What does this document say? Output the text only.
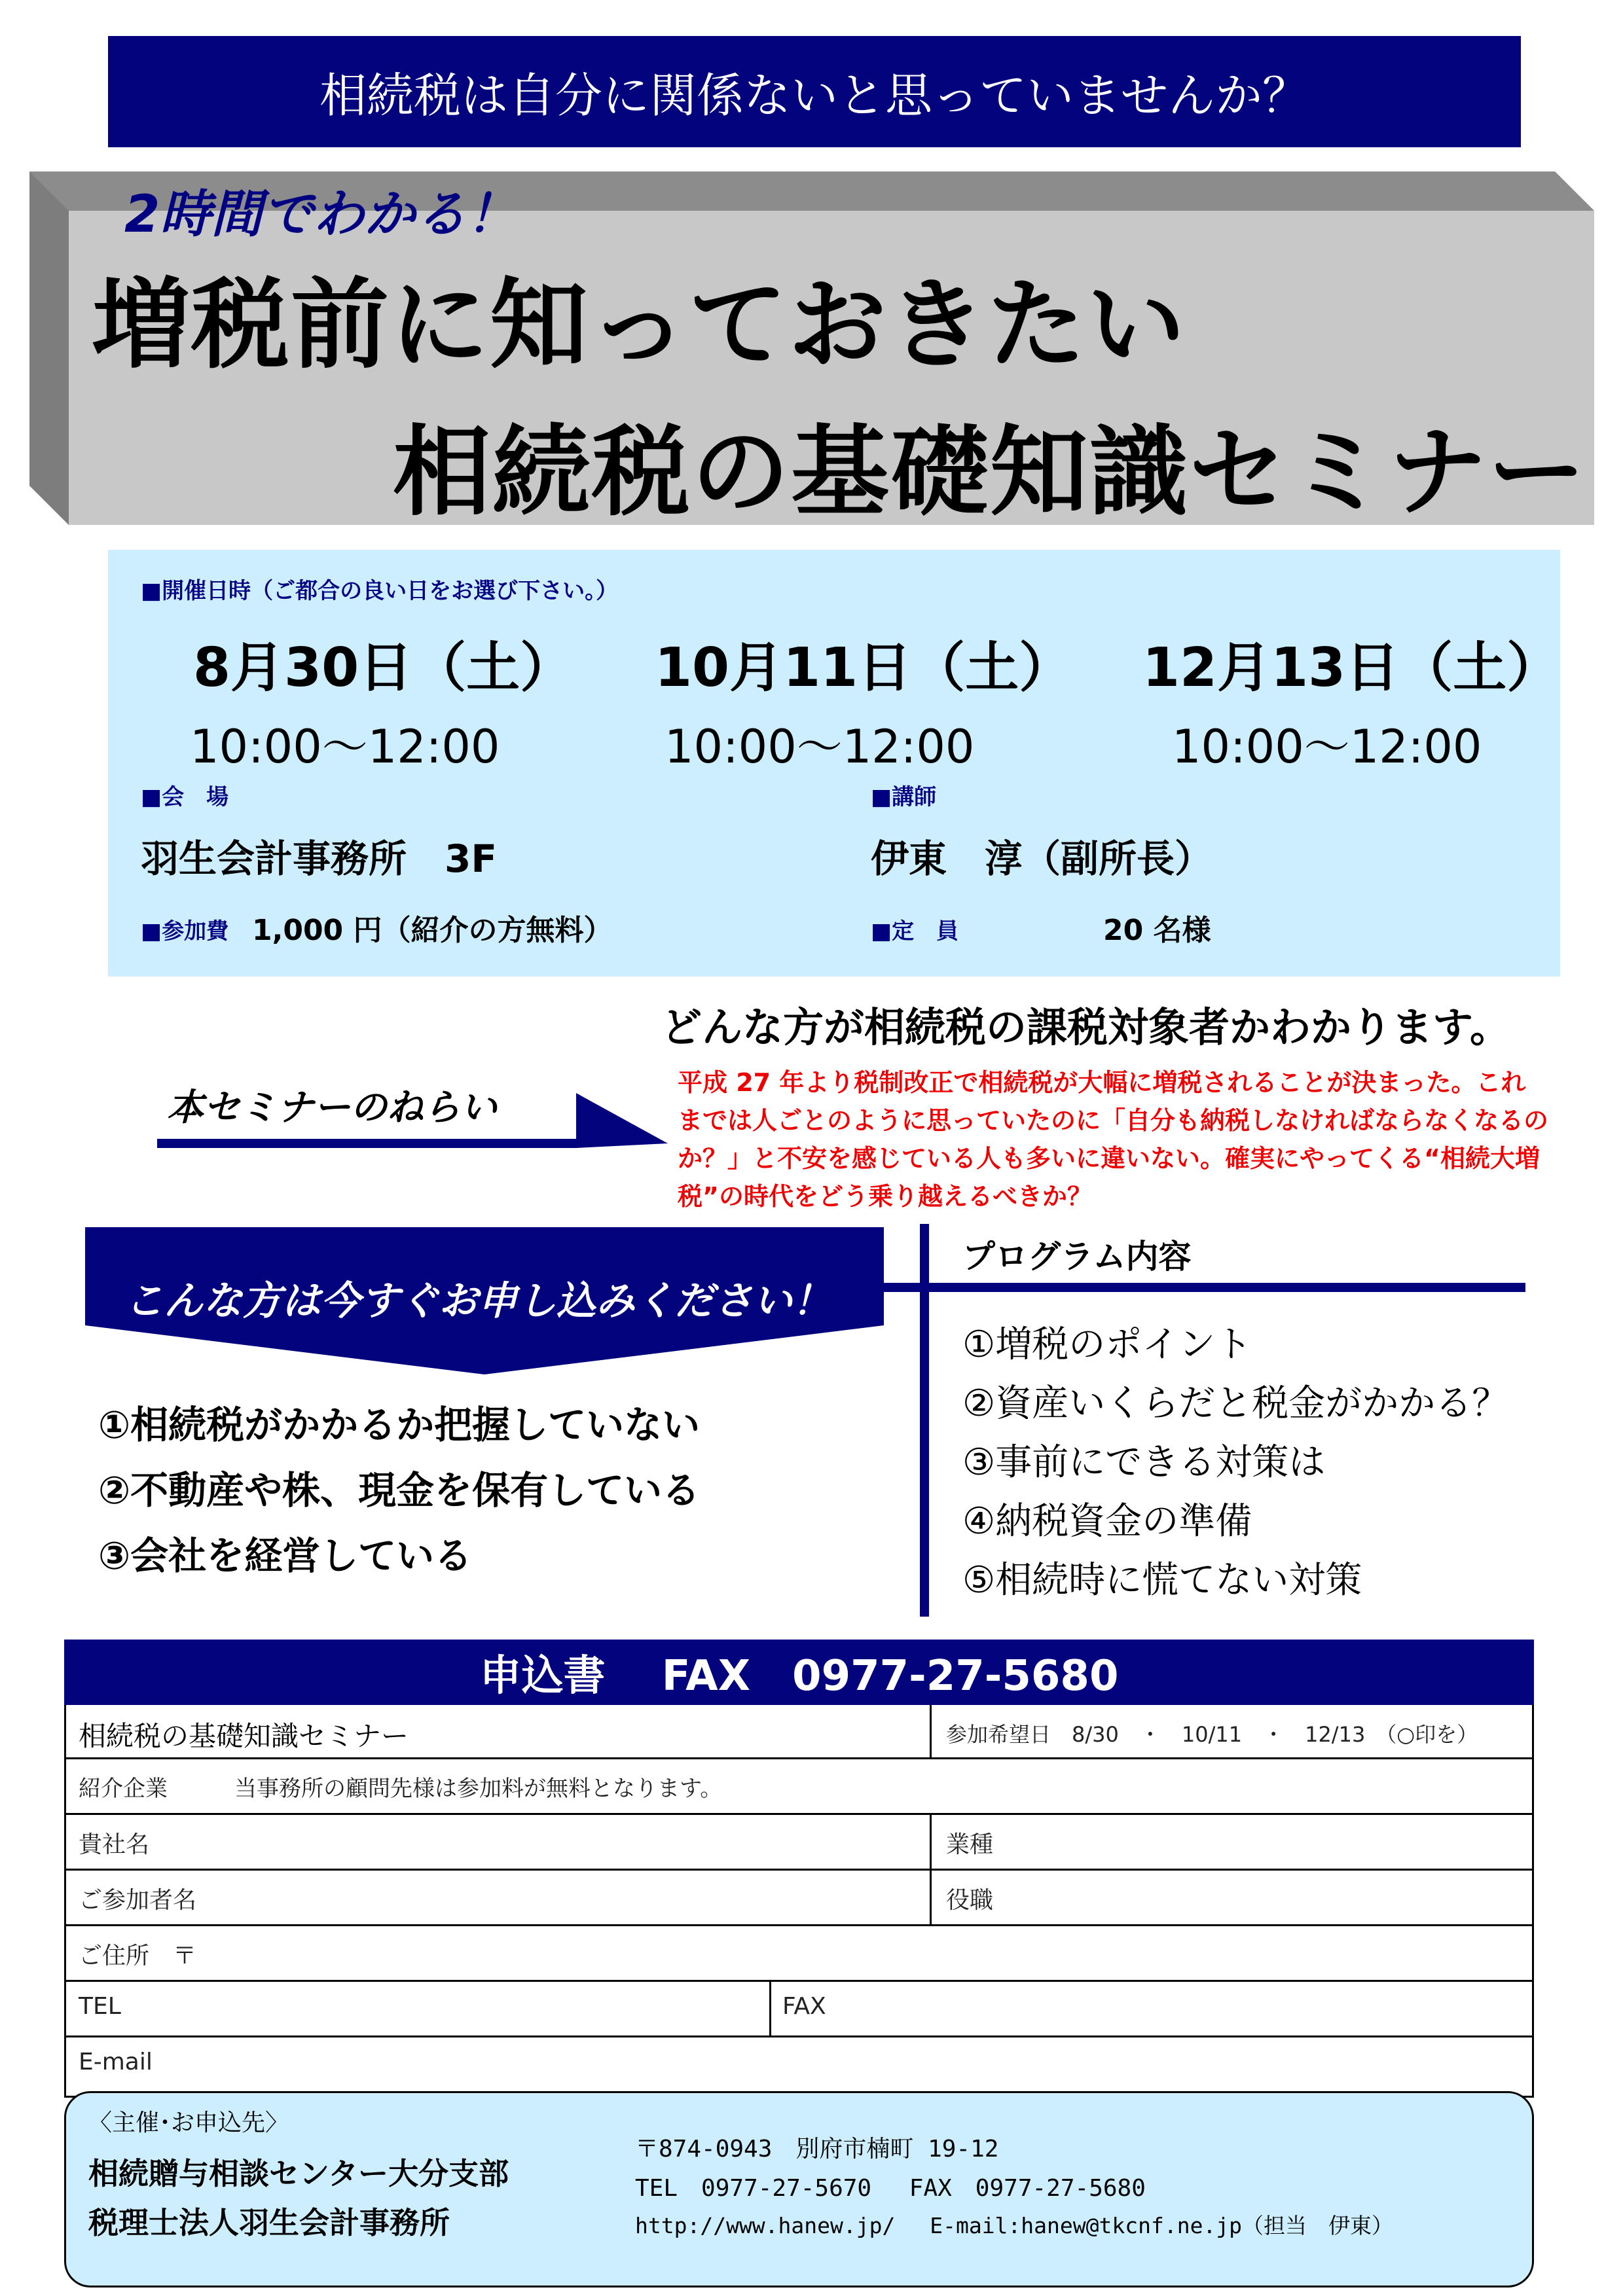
相続税は自分に関係ないと思っていませんか？
2時間でわかる！
増税前に知っておきたい
相続税の基礎知識セミナー
■開催日時（ご都合の良い日をお選び下さい。）
8月30日（土） 10月11日（土） 12月13日（土）
10:00〜12:00	10:00〜12:00	10:00〜12:00
■会　場
羽生会計事務所　3F
■講師
伊東　淳（副所長）
■参加費 1,000 円（紹介の方無料）	■定　員	20 名様
どんな方が相続税の課税対象者かわかります。
本セミナーのねらい
平成 27 年より税制改正で相続税が大幅に増税されることが決まった。これまでは人ごとのように思っていたのに「自分も納税しなければならなくなるのか？」と不安を感じている人も多いに違いない。確実にやってくる“相続大増税”の時代をどう乗り越えるべきか？
こんな方は今すぐお申し込みください！
①相続税がかかるか把握していない
②不動産や株、現金を保有している
③会社を経営している
プログラム内容
①増税のポイント
②資産いくらだと税金がかかる？
③事前にできる対策は
④納税資金の準備
⑤相続時に慌てない対策
申込書　 FAX　0977-27-5680
相続税の基礎知識セミナー	参加希望日　8/30　・　10/11　・　12/13　（○印を）
紹介企業　　　当事務所の顧問先様は参加料が無料となります。
貴社名	業種
ご参加者名	役職
ご住所　〒
TEL	FAX
E-mail
〈主催･お申込先〉
相続贈与相談センター大分支部
税理士法人羽生会計事務所
〒874-0943　別府市楠町 19-12
TEL　0977-27-5670　 FAX　0977-27-5680
http://www.hanew.jp/　 E-mail:hanew@tkcnf.ne.jp（担当　伊東）
